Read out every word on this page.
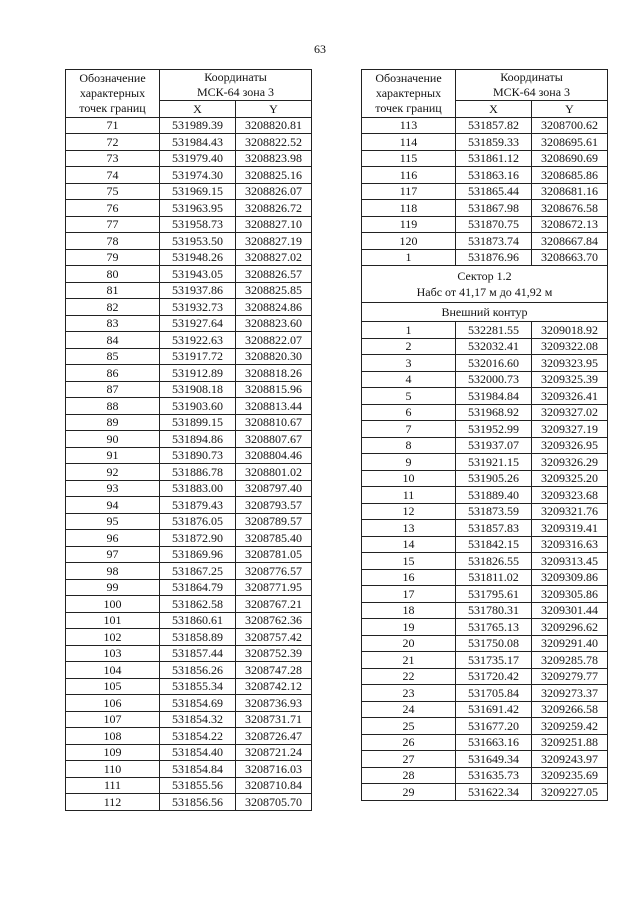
63
Обозначение
характерных
точек границ	Координаты
МСК-64 зона 3	
	X	Y
71	531989.39	3208820.81
72	531984.43	3208822.52
73	531979.40	3208823.98
74	531974.30	3208825.16
75	531969.15	3208826.07
76	531963.95	3208826.72
77	531958.73	3208827.10
78	531953.50	3208827.19
79	531948.26	3208827.02
80	531943.05	3208826.57
81	531937.86	3208825.85
82	531932.73	3208824.86
83	531927.64	3208823.60
84	531922.63	3208822.07
85	531917.72	3208820.30
86	531912.89	3208818.26
87	531908.18	3208815.96
88	531903.60	3208813.44
89	531899.15	3208810.67
90	531894.86	3208807.67
91	531890.73	3208804.46
92	531886.78	3208801.02
93	531883.00	3208797.40
94	531879.43	3208793.57
95	531876.05	3208789.57
96	531872.90	3208785.40
97	531869.96	3208781.05
98	531867.25	3208776.57
99	531864.79	3208771.95
100	531862.58	3208767.21
101	531860.61	3208762.36
102	531858.89	3208757.42
103	531857.44	3208752.39
104	531856.26	3208747.28
105	531855.34	3208742.12
106	531854.69	3208736.93
107	531854.32	3208731.71
108	531854.22	3208726.47
109	531854.40	3208721.24
110	531854.84	3208716.03
111	531855.56	3208710.84
112	531856.56	3208705.70
Обозначение
характерных
точек границ	Координаты
МСК-64 зона 3	
	X	Y
113	531857.82	3208700.62
114	531859.33	3208695.61
115	531861.12	3208690.69
116	531863.16	3208685.86
117	531865.44	3208681.16
118	531867.98	3208676.58
119	531870.75	3208672.13
120	531873.74	3208667.84
1	531876.96	3208663.70
Сектор 1.2
Набс от 41,17 м до 41,92 м		
Внешний контур		
1	532281.55	3209018.92
2	532032.41	3209322.08
3	532016.60	3209323.95
4	532000.73	3209325.39
5	531984.84	3209326.41
6	531968.92	3209327.02
7	531952.99	3209327.19
8	531937.07	3209326.95
9	531921.15	3209326.29
10	531905.26	3209325.20
11	531889.40	3209323.68
12	531873.59	3209321.76
13	531857.83	3209319.41
14	531842.15	3209316.63
15	531826.55	3209313.45
16	531811.02	3209309.86
17	531795.61	3209305.86
18	531780.31	3209301.44
19	531765.13	3209296.62
20	531750.08	3209291.40
21	531735.17	3209285.78
22	531720.42	3209279.77
23	531705.84	3209273.37
24	531691.42	3209266.58
25	531677.20	3209259.42
26	531663.16	3209251.88
27	531649.34	3209243.97
28	531635.73	3209235.69
29	531622.34	3209227.05
